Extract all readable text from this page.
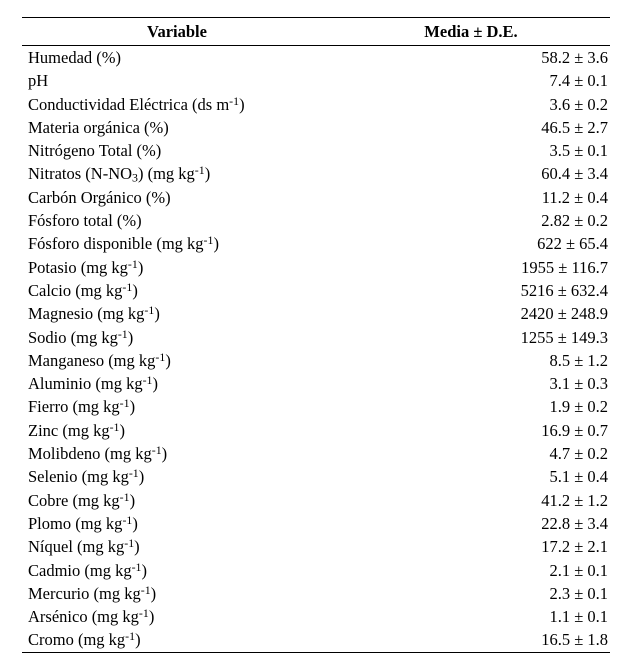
Variable	Media ± D.E.
Humedad (%)	58.2 ± 3.6
pH	7.4 ± 0.1
Conductividad Eléctrica (ds $m^{-1}$)	3.6 ± 0.2
Materia orgánica (%)	46.5 ± 2.7
Nitrógeno Total (%)	3.5 ± 0.1
Nitratos $(N-NO_3)$ (mg $kg^{-1}$)	60.4 ± 3.4
Carbón Orgánico (%)	11.2 ± 0.4
Fósforo total (%)	2.82 ± 0.2
Fósforo disponible (mg $kg^{-1}$)	622 ± 65.4
Potasio (mg $kg^{-1}$)	1955 ± 116.7
Calcio (mg $kg^{-1}$)	5216 ± 632.4
Magnesio (mg $kg^{-1}$)	2420 ± 248.9
Sodio (mg $kg^{-1}$)	1255 ± 149.3
Manganeso (mg $kg^{-1}$)	8.5 ± 1.2
Aluminio (mg $kg^{-1}$)	3.1 ± 0.3
Fierro (mg $kg^{-1}$)	1.9 ± 0.2
Zinc (mg $kg^{-1}$)	16.9 ± 0.7
Molibdeno (mg $kg^{-1}$)	4.7 ± 0.2
Selenio (mg $kg^{-1}$)	5.1 ± 0.4
Cobre (mg $kg^{-1}$)	41.2 ± 1.2
Plomo (mg $kg^{-1}$)	22.8 ± 3.4
Níquel (mg $kg^{-1}$)	17.2 ± 2.1
Cadmio (mg $kg^{-1}$)	2.1 ± 0.1
Mercurio (mg $kg^{-1}$)	2.3 ± 0.1
Arsénico (mg $kg^{-1}$)	1.1 ± 0.1
Cromo (mg $kg^{-1}$)	16.5 ± 1.8
